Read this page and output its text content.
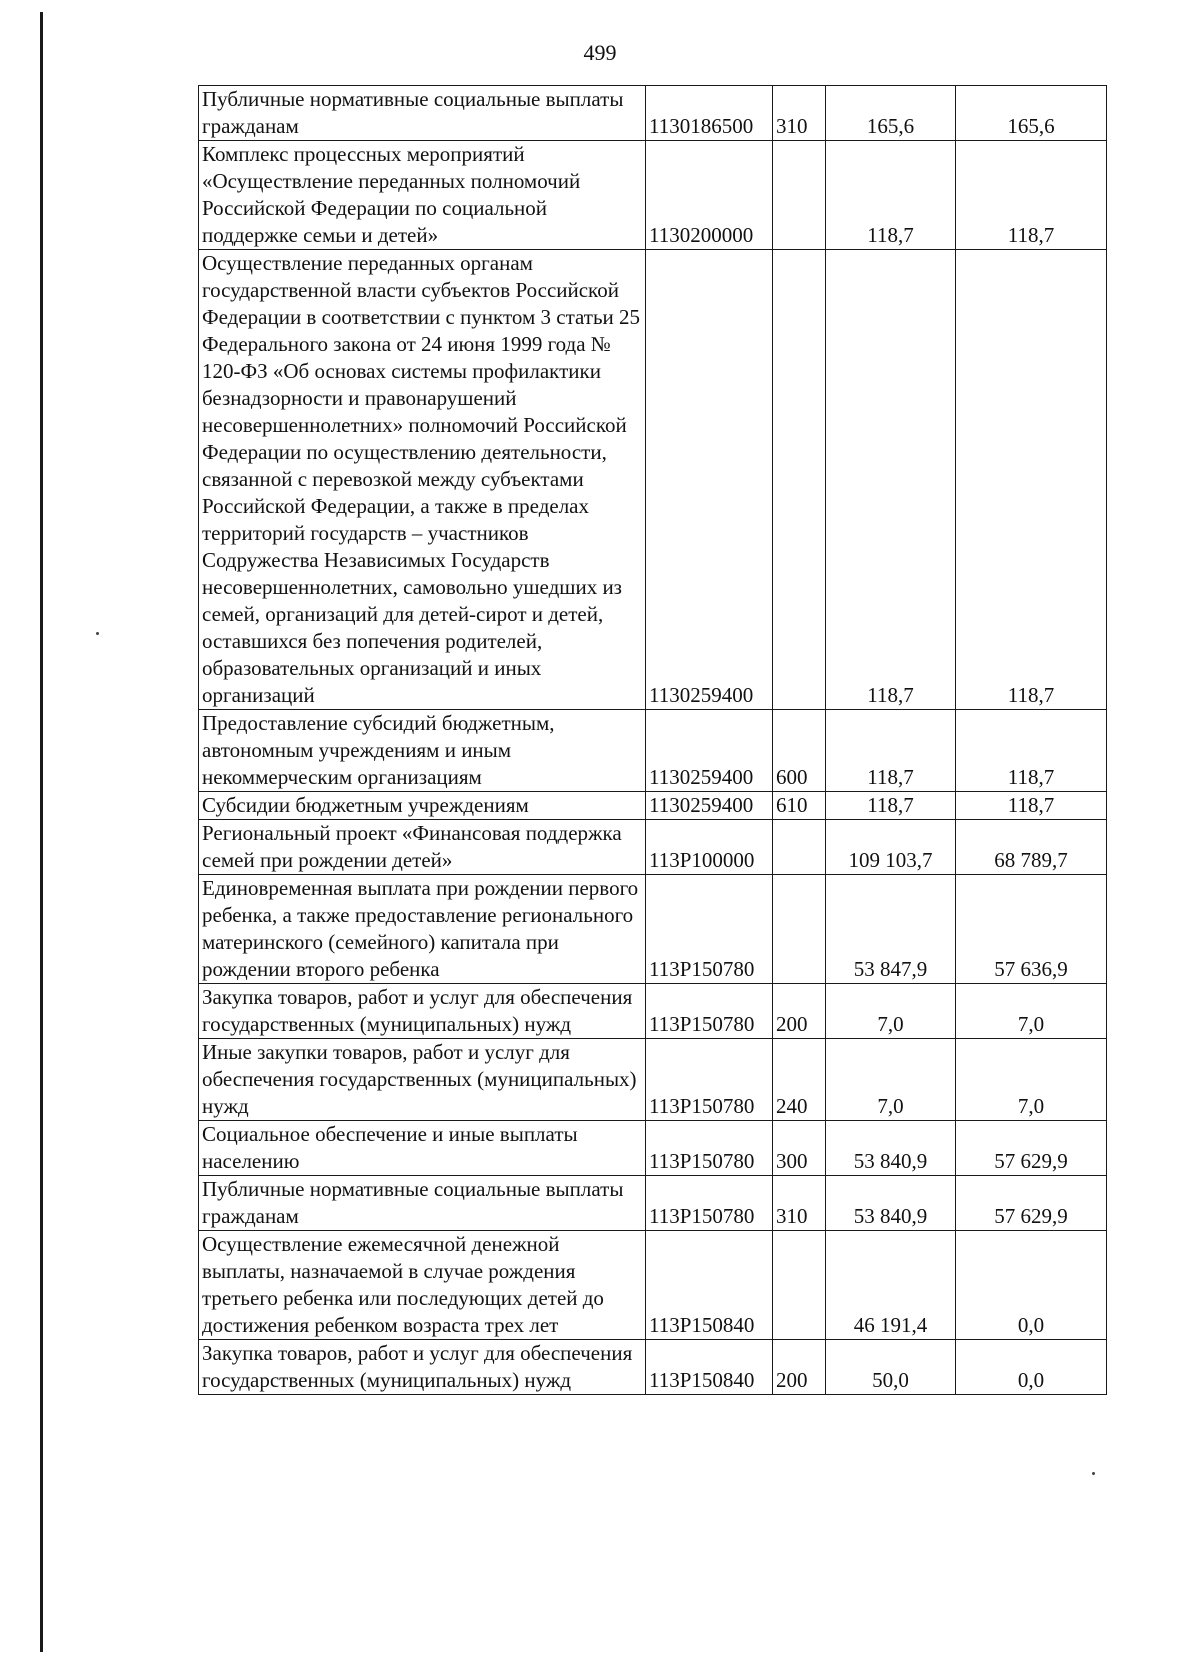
499
Публичные нормативные социальные выплаты гражданам	1130186500	310	165,6	165,6
Комплекс процессных мероприятий «Осуществление переданных полномочий Российской Федерации по социальной поддержке семьи и детей»	1130200000		118,7	118,7
Осуществление переданных органам государственной власти субъектов Российской Федерации в соответствии с пунктом 3 статьи 25 Федерального закона от 24 июня 1999 года № 120-ФЗ «Об основах системы профилактики безнадзорности и правонарушений несовершеннолетних» полномочий Российской Федерации по осуществлению деятельности, связанной с перевозкой между субъектами Российской Федерации, а также в пределах территорий государств – участников Содружества Независимых Государств несовершеннолетних, самовольно ушедших из семей, организаций для детей-сирот и детей, оставшихся без попечения родителей, образовательных организаций и иных организаций	1130259400		118,7	118,7
Предоставление субсидий бюджетным, автономным учреждениям и иным некоммерческим организациям	1130259400	600	118,7	118,7
Субсидии бюджетным учреждениям	1130259400	610	118,7	118,7
Региональный проект «Финансовая поддержка семей при рождении детей»	113Р100000		109 103,7	68 789,7
Единовременная выплата при рождении первого ребенка, а также предоставление регионального материнского (семейного) капитала при рождении второго ребенка	113Р150780		53 847,9	57 636,9
Закупка товаров, работ и услуг для обеспечения государственных (муниципальных) нужд	113Р150780	200	7,0	7,0
Иные закупки товаров, работ и услуг для обеспечения государственных (муниципальных) нужд	113Р150780	240	7,0	7,0
Социальное обеспечение и иные выплаты населению	113Р150780	300	53 840,9	57 629,9
Публичные нормативные социальные выплаты гражданам	113Р150780	310	53 840,9	57 629,9
Осуществление ежемесячной денежной выплаты, назначаемой в случае рождения третьего ребенка или последующих детей до достижения ребенком возраста трех лет	113Р150840		46 191,4	0,0
Закупка товаров, работ и услуг для обеспечения государственных (муниципальных) нужд	113Р150840	200	50,0	0,0
